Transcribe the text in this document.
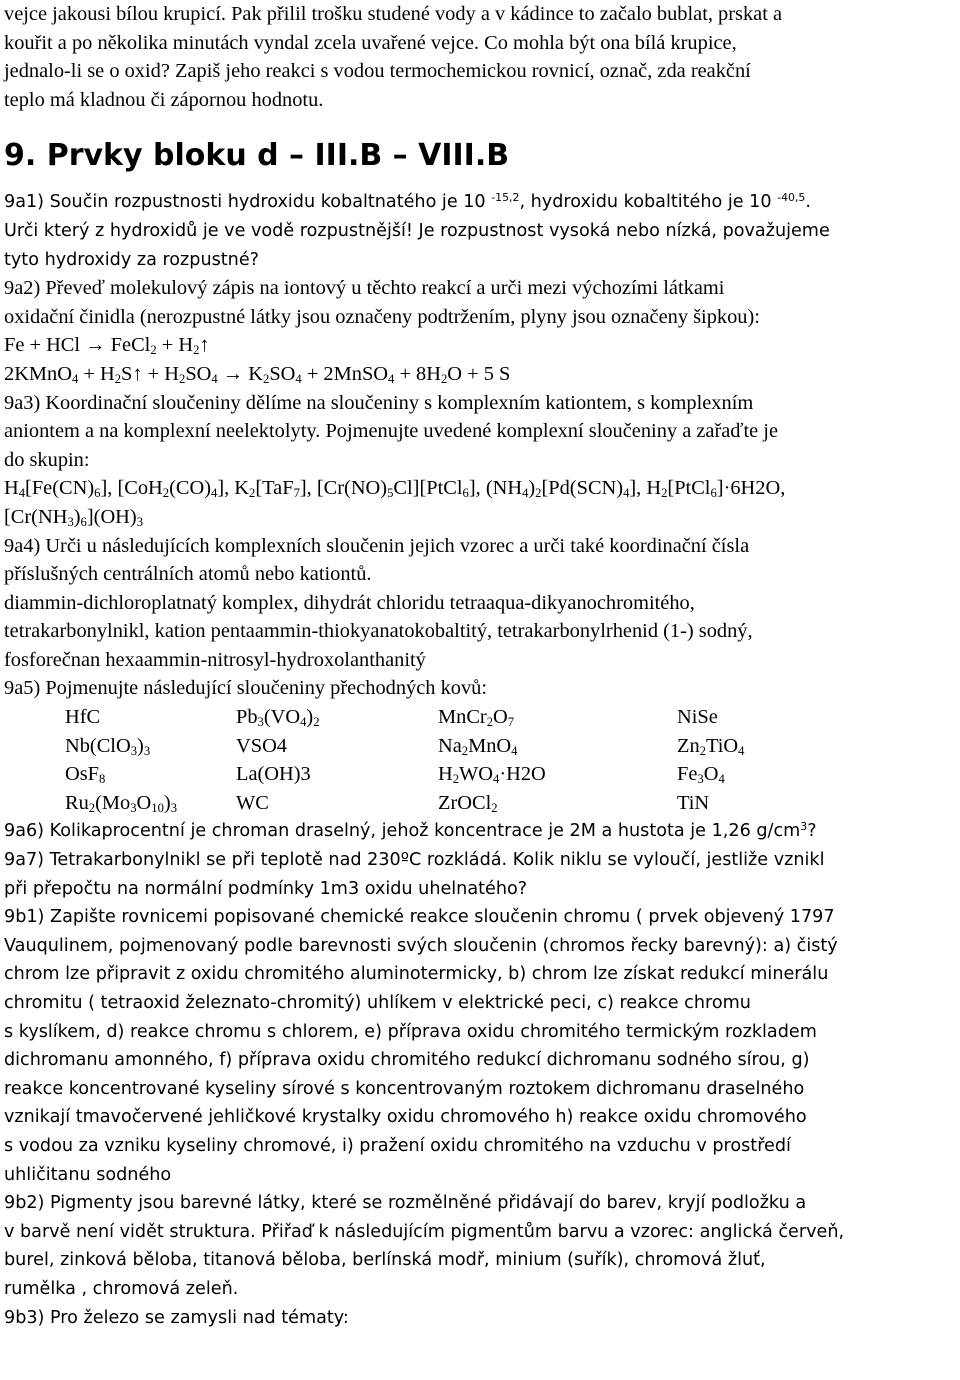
vejce jakousi bílou krupicí. Pak přilil trošku studené vody a v kádince to začalo bublat, prskat a
kouřit a po několika minutách vyndal zcela uvařené vejce. Co mohla být ona bílá krupice,
jednalo-li se o oxid? Zapiš jeho reakci s vodou termochemickou rovnicí, označ, zda reakční
teplo má kladnou či zápornou hodnotu.
9. Prvky bloku d – III.B – VIII.B
9a1) Součin rozpustnosti hydroxidu kobaltnatého je 10 $^{-15,2}$, hydroxidu kobaltitého je 10 $^{-40,5}$.
Urči který z hydroxidů je ve vodě rozpustnější! Je rozpustnost vysoká nebo nízká, považujeme
tyto hydroxidy za rozpustné?
9a2) Převeď molekulový zápis na iontový u těchto reakcí a urči mezi výchozími látkami
oxidační činidla (nerozpustné látky jsou označeny podtržením, plyny jsou označeny šipkou):
Fe + HCl → FeCl$_2$ + $H_2↑$
2KMnO$_4$ + $H_2S↑ + H_2SO_4 \to K_2SO_4$ + 2MnSO$_4$ + $8H_2O + 5$ S
9a3) Koordinační sloučeniny dělíme na sloučeniny s komplexním kationtem, s komplexním
aniontem a na komplexní neelektolyty. Pojmenujte uvedené komplexní sloučeniny a zařaďte je
do skupin:
$H_4[Fe(CN)_6]$, $[CoH_2(CO)_4]$, $K_2[TaF_7]$, $[Cr(NO)_5Cl][PtCl_6]$, $(NH_4)_2[Pd(SCN)_4]$, $H_2[PtCl_6]\cdot 6H2O$,
$[Cr(NH_3)_6](OH)_3$
9a4) Urči u následujících komplexních sloučenin jejich vzorec a urči také koordinační čísla
příslušných centrálních atomů nebo kationtů.
diammin-dichloroplatnatý komplex, dihydrát chloridu tetraaqua-dikyanochromitého,
tetrakarbonylnikl, kation pentaammin-thiokyanatokobaltitý, tetrakarbonylrhenid (1-) sodný,
fosforečnan hexaammin-nitrosyl-hydroxolanthanitý
9a5) Pojmenujte následující sloučeniny přechodných kovů:
HfC	$Pb_3(VO_4)_2$	$MnCr_2O_7$	NiSe
$Nb(ClO_3)_3$	VSO4	$Na_2MnO_4$	$Zn_2TiO_4$
OsF$_8$	La(OH)3	$H_2WO_4\cdot H2O$	$Fe_3O_4$
$Ru_2(Mo_3O_{10})_3$	WC	ZrOCl$_2$	TiN
9a6) Kolikaprocentní je chroman draselný, jehož koncentrace je 2M a hustota je 1,26 $g/cm^3$?
9a7) Tetrakarbonylnikl se při teplotě nad 230ºC rozkládá. Kolik niklu se vyloučí, jestliže vznikl
při přepočtu na normální podmínky 1m3 oxidu uhelnatého?
9b1) Zapište rovnicemi popisované chemické reakce sloučenin chromu ( prvek objevený 1797
Vauqulinem, pojmenovaný podle barevnosti svých sloučenin (chromos řecky barevný): a) čistý
chrom lze připravit z oxidu chromitého aluminotermicky, b) chrom lze získat redukcí minerálu
chromitu ( tetraoxid železnato-chromitý) uhlíkem v elektrické peci, c) reakce chromu
s kyslíkem, d) reakce chromu s chlorem, e) příprava oxidu chromitého termickým rozkladem
dichromanu amonného, f) příprava oxidu chromitého redukcí dichromanu sodného sírou, g)
reakce koncentrované kyseliny sírové s koncentrovaným roztokem dichromanu draselného
vznikají tmavočervené jehličkové krystalky oxidu chromového h) reakce oxidu chromového
s vodou za vzniku kyseliny chromové, i) pražení oxidu chromitého na vzduchu v prostředí
uhličitanu sodného
9b2) Pigmenty jsou barevné látky, které se rozmělněné přidávají do barev, kryjí podložku a
v barvě není vidět struktura. Přiřaď k následujícím pigmentům barvu a vzorec: anglická červeň,
burel, zinková běloba, titanová běloba, berlínská modř, minium (suřík), chromová žluť,
rumělka , chromová zeleň.
9b3) Pro železo se zamysli nad tématy:
